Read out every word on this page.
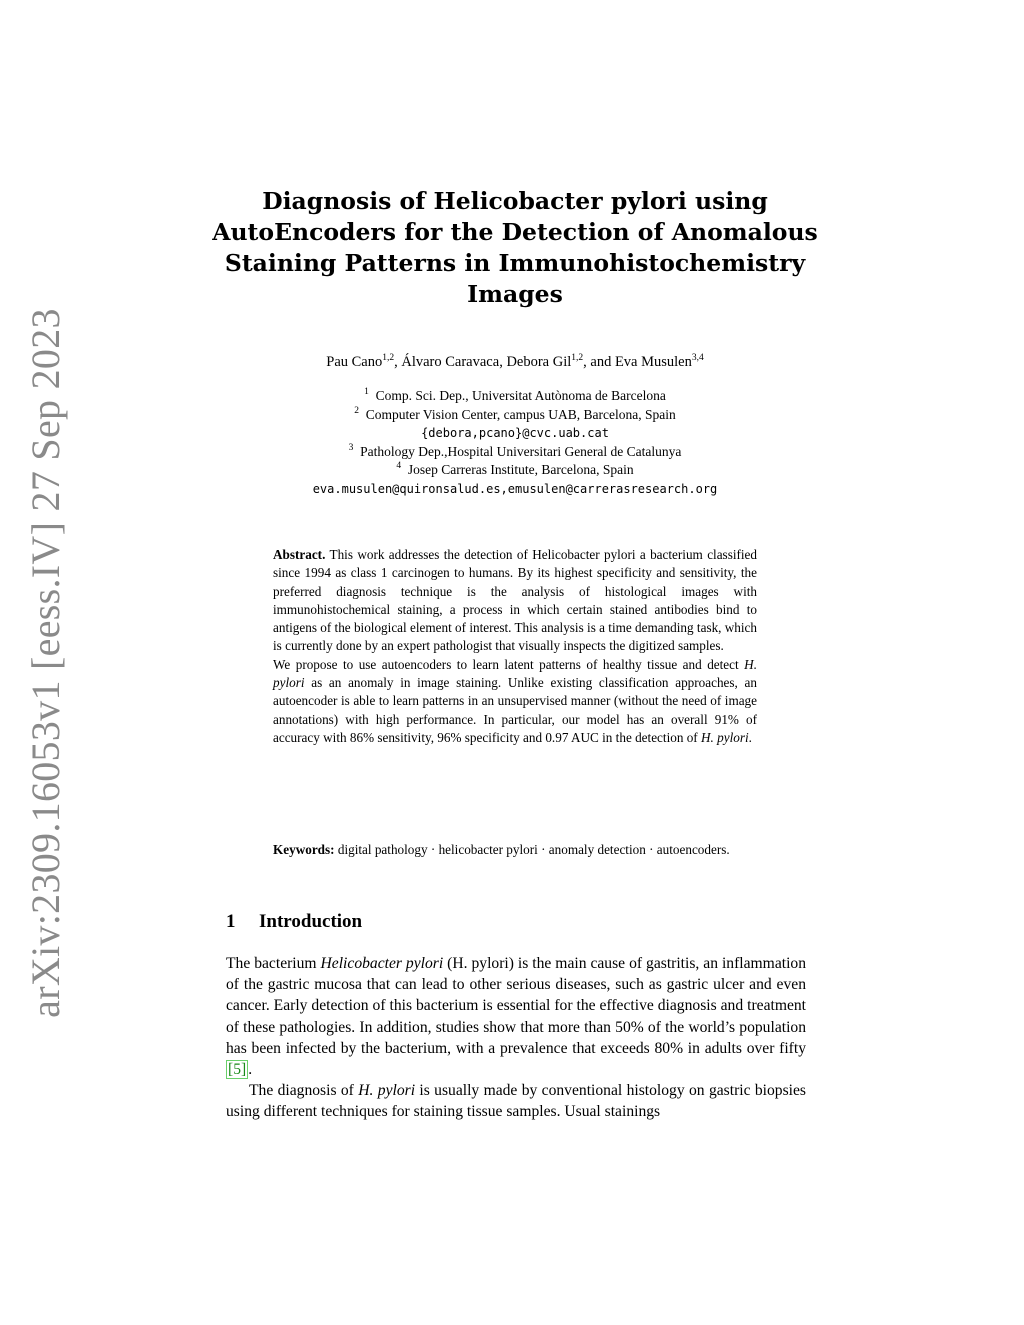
arXiv:2309.16053v1 [eess.IV] 27 Sep 2023
Diagnosis of Helicobacter pylori using
AutoEncoders for the Detection of Anomalous
Staining Patterns in Immunohistochemistry
Images
Pau Cano$^{1,2}$, Álvaro Caravaca, Debora Gil$^{1,2}$, and Eva Musulen$^{3,4}$
$^1$ Comp. Sci. Dep., Universitat Autònoma de Barcelona
$^2$ Computer Vision Center, campus UAB, Barcelona, Spain
{debora,pcano}@cvc.uab.cat
$^3$ Pathology Dep.,Hospital Universitari General de Catalunya
$^4$ Josep Carreras Institute, Barcelona, Spain
eva.musulen@quironsalud.es,emusulen@carrerasresearch.org

Abstract. This work addresses the detection of Helicobacter pylori a bacterium classified since 1994 as class 1 carcinogen to humans. By its highest specificity and sensitivity, the preferred diagnosis technique is the analysis of histological images with immunohistochemical staining, a process in which certain stained antibodies bind to antigens of the biological element of interest. This analysis is a time demanding task, which is currently done by an expert pathologist that visually inspects the digitized samples.

We propose to use autoencoders to learn latent patterns of healthy tissue and detect H. pylori as an anomaly in image staining. Unlike existing classification approaches, an autoencoder is able to learn patterns in an unsupervised manner (without the need of image annotations) with high performance. In particular, our model has an overall 91% of accuracy with 86% sensitivity, 96% specificity and 0.97 AUC in the detection of H. pylori.

Keywords: digital pathology · helicobacter pylori · anomaly detection · autoencoders.

1 Introduction

The bacterium Helicobacter pylori (H. pylori) is the main cause of gastritis, an inflammation of the gastric mucosa that can lead to other serious diseases, such as gastric ulcer and even cancer. Early detection of this bacterium is essential for the effective diagnosis and treatment of these pathologies. In addition, studies show that more than 50% of the world’s population has been infected by the bacterium, with a prevalence that exceeds 80% in adults over fifty [5] .

The diagnosis of H. pylori is usually made by conventional histology on gastric biopsies using different techniques for staining tissue samples. Usual stainings
